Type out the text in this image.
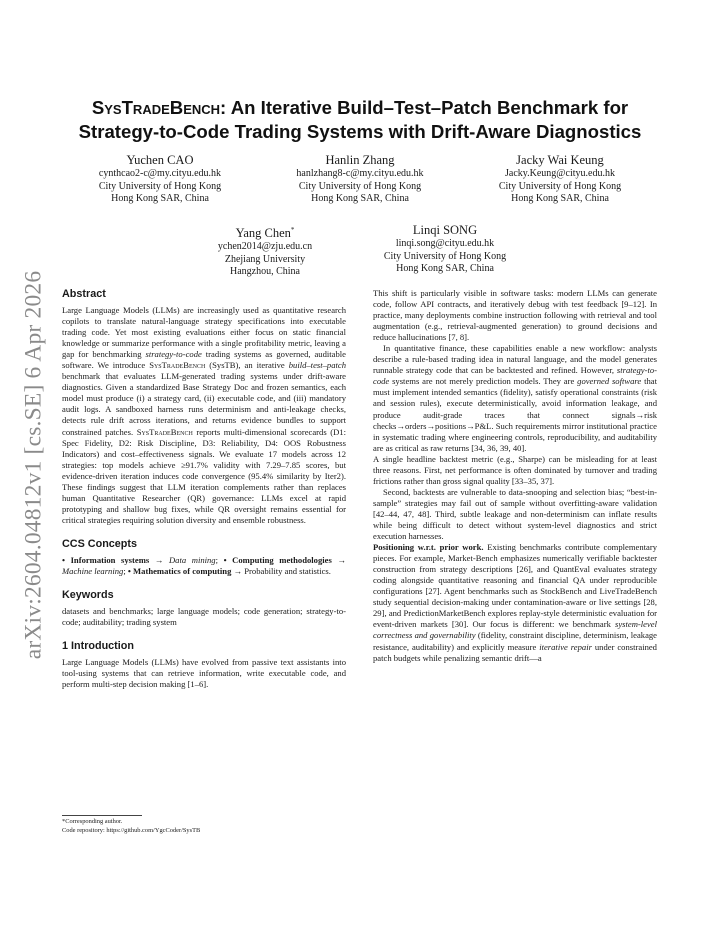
arXiv:2604.04812v1 [cs.SE] 6 Apr 2026
SysTradeBench: An Iterative Build–Test–Patch Benchmark for
Strategy-to-Code Trading Systems with Drift-Aware Diagnostics
Yuchen CAO
cynthcao2-c@my.cityu.edu.hk
City University of Hong Kong
Hong Kong SAR, China
Hanlin Zhang
hanlzhang8-c@my.cityu.edu.hk
City University of Hong Kong
Hong Kong SAR, China
Jacky Wai Keung
Jacky.Keung@cityu.edu.hk
City University of Hong Kong
Hong Kong SAR, China
Yang Chen*
ychen2014@zju.edu.cn
Zhejiang University
Hangzhou, China
Linqi SONG
linqi.song@cityu.edu.hk
City University of Hong Kong
Hong Kong SAR, China
Abstract

Large Language Models (LLMs) are increasingly used as quantitative research copilots to translate natural-language strategy specifications into executable trading code. Yet most existing evaluations either focus on static financial knowledge or summarize performance with a single profitability metric, leaving a gap for benchmarking strategy-to-code trading systems as governed, auditable software. We introduce SysTradeBench (SysTB), an iterative build–test–patch benchmark that evaluates LLM-generated trading systems under drift-aware diagnostics. Given a standardized Base Strategy Doc and frozen semantics, each model must produce (i) a strategy card, (ii) executable code, and (iii) mandatory audit logs. A sandboxed harness runs determinism and anti-leakage checks, detects rule drift across iterations, and returns evidence bundles to support constrained patches. SysTradeBench reports multi-dimensional scorecards (D1: Spec Fidelity, D2: Risk Discipline, D3: Reliability, D4: OOS Robustness Indicators) and cost–effectiveness signals. We evaluate 17 models across 12 strategies: top models achieve ≥91.7% validity with 7.29–7.85 scores, but evidence-driven iteration induces code convergence (95.4% similarity by Iter2). These findings suggest that LLM iteration complements rather than replaces human Quantitative Researcher (QR) governance: LLMs excel at rapid prototyping and shallow bug fixes, while QR oversight remains essential for critical strategies requiring solution diversity and ensemble robustness.

CCS Concepts

• Information systems → Data mining; • Computing methodologies → Machine learning; • Mathematics of computing → Probability and statistics.

Keywords

datasets and benchmarks; large language models; code generation; strategy-to-code; auditability; trading system

1 Introduction

Large Language Models (LLMs) have evolved from passive text assistants into tool-using systems that can retrieve information, write executable code, and perform multi-step decision making [1–6].

*Corresponding author.
Code repository: https://github.com/YgcCoder/SysTB

This shift is particularly visible in software tasks: modern LLMs can generate code, follow API contracts, and iteratively debug with test feedback [9–12]. In practice, many deployments combine instruction following with retrieval and tool augmentation (e.g., retrieval-augmented generation) to ground decisions and reduce hallucinations [7, 8].

In quantitative finance, these capabilities enable a new workflow: analysts describe a rule-based trading idea in natural language, and the model generates runnable strategy code that can be backtested and refined. However, strategy-to-code systems are not merely prediction models. They are governed software that must implement intended semantics (fidelity), satisfy operational constraints (risk and session rules), execute deterministically, avoid information leakage, and produce audit-grade traces that connect signals→risk checks→orders→positions→P&L. Such requirements mirror institutional practice in systematic trading where engineering controls, reproducibility, and auditability are as critical as raw returns [34, 36, 39, 40].

A single headline backtest metric (e.g., Sharpe) can be misleading for at least three reasons. First, net performance is often dominated by turnover and trading frictions rather than gross signal quality [33–35, 37].

Second, backtests are vulnerable to data-snooping and selection bias; “best-in-sample” strategies may fail out of sample without overfitting-aware validation [42–44, 47, 48]. Third, subtle leakage and non-determinism can inflate results while being difficult to detect without system-level diagnostics and strict execution harnesses.

Positioning w.r.t. prior work. Existing benchmarks contribute complementary pieces. For example, Market-Bench emphasizes numerically verifiable backtester construction from strategy descriptions [26], and QuantEval evaluates strategy coding alongside quantitative reasoning and financial QA under reproducible configurations [27]. Agent benchmarks such as StockBench and LiveTradeBench study sequential decision-making under contamination-aware or live settings [28, 29], and PredictionMarketBench explores replay-style deterministic evaluation for event-driven markets [30]. Our focus is different: we benchmark system-level correctness and governability (fidelity, constraint discipline, determinism, leakage resistance, auditability) and explicitly measure iterative repair under constrained patch budgets while penalizing semantic drift—a
